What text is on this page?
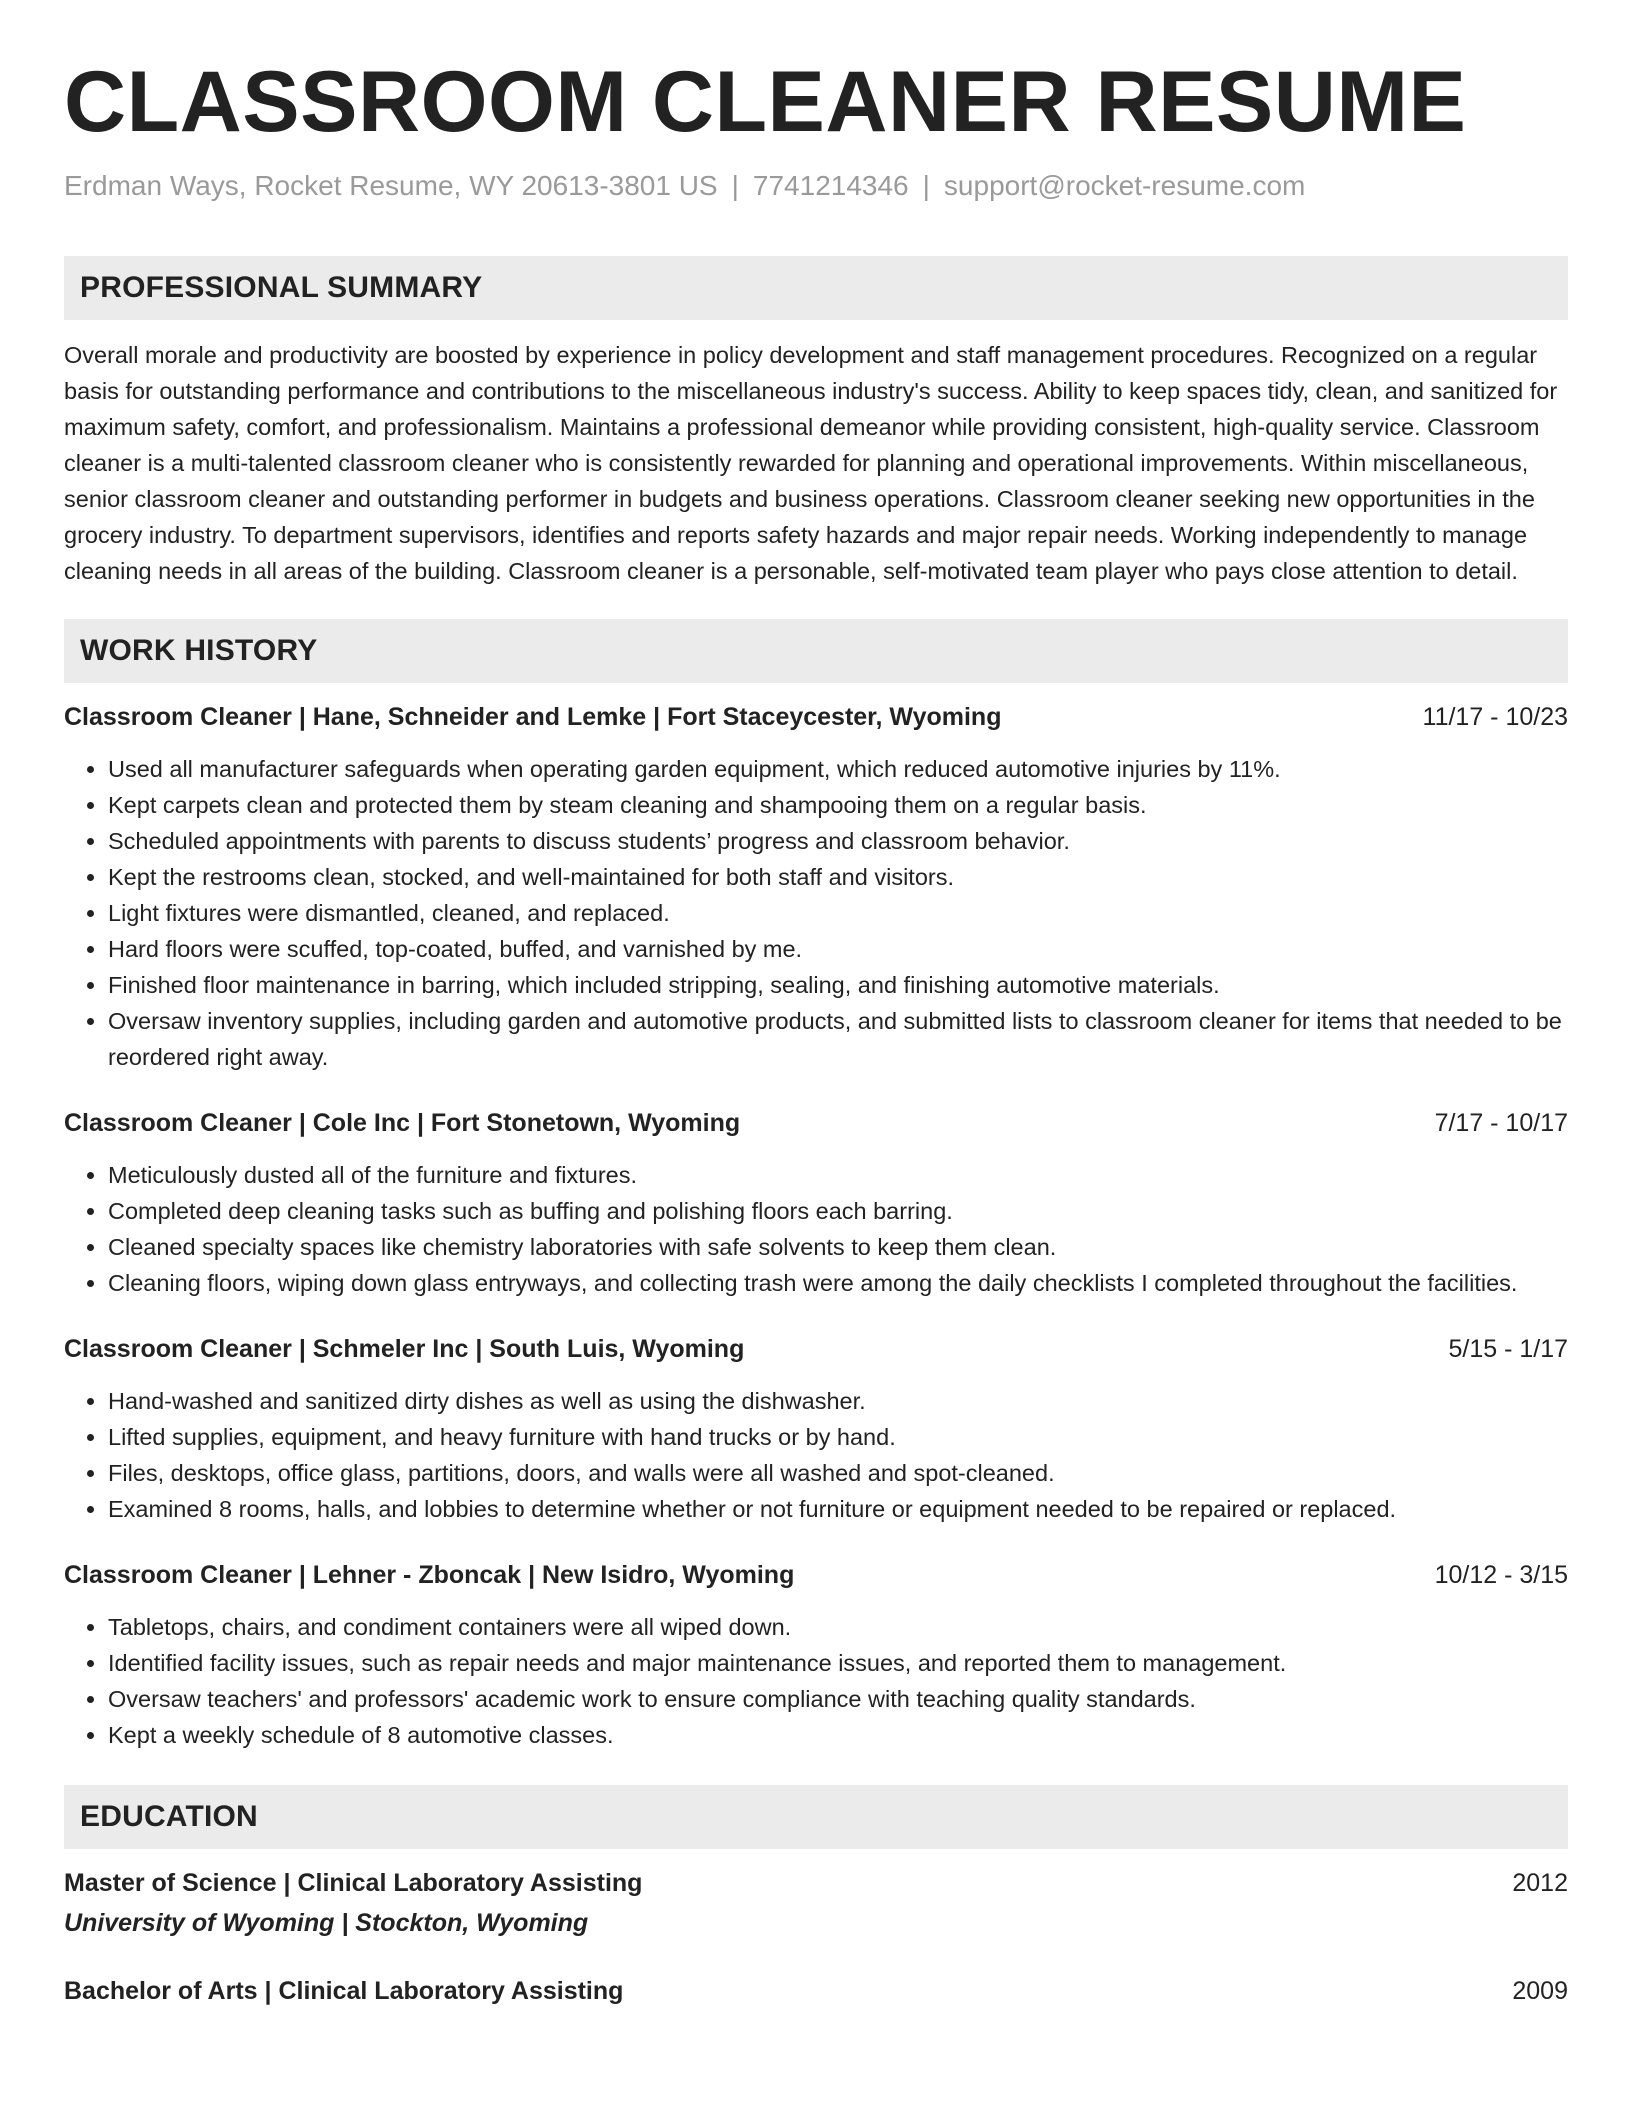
CLASSROOM CLEANER RESUME
Erdman Ways, Rocket Resume, WY 20613-3801 US | 7741214346 | support@rocket-resume.com
PROFESSIONAL SUMMARY

Overall morale and productivity are boosted by experience in policy development and staff management procedures. Recognized on a regular basis for outstanding performance and contributions to the miscellaneous industry's success. Ability to keep spaces tidy, clean, and sanitized for maximum safety, comfort, and professionalism. Maintains a professional demeanor while providing consistent, high-quality service. Classroom cleaner is a multi-talented classroom cleaner who is consistently rewarded for planning and operational improvements. Within miscellaneous, senior classroom cleaner and outstanding performer in budgets and business operations. Classroom cleaner seeking new opportunities in the grocery industry. To department supervisors, identifies and reports safety hazards and major repair needs. Working independently to manage cleaning needs in all areas of the building. Classroom cleaner is a personable, self-motivated team player who pays close attention to detail.

WORK HISTORY
Classroom Cleaner | Hane, Schneider and Lemke | Fort Staceycester, Wyoming	11/17 - 10/23
• Used all manufacturer safeguards when operating garden equipment, which reduced automotive injuries by 11%.
• Kept carpets clean and protected them by steam cleaning and shampooing them on a regular basis.
• Scheduled appointments with parents to discuss students’ progress and classroom behavior.
• Kept the restrooms clean, stocked, and well-maintained for both staff and visitors.
• Light fixtures were dismantled, cleaned, and replaced.
• Hard floors were scuffed, top-coated, buffed, and varnished by me.
• Finished floor maintenance in barring, which included stripping, sealing, and finishing automotive materials.
• Oversaw inventory supplies, including garden and automotive products, and submitted lists to classroom cleaner for items that needed to be reordered right away.
Classroom Cleaner | Cole Inc | Fort Stonetown, Wyoming	7/17 - 10/17
• Meticulously dusted all of the furniture and fixtures.
• Completed deep cleaning tasks such as buffing and polishing floors each barring.
• Cleaned specialty spaces like chemistry laboratories with safe solvents to keep them clean.
• Cleaning floors, wiping down glass entryways, and collecting trash were among the daily checklists I completed throughout the facilities.
Classroom Cleaner | Schmeler Inc | South Luis, Wyoming	5/15 - 1/17
• Hand-washed and sanitized dirty dishes as well as using the dishwasher.
• Lifted supplies, equipment, and heavy furniture with hand trucks or by hand.
• Files, desktops, office glass, partitions, doors, and walls were all washed and spot-cleaned.
• Examined 8 rooms, halls, and lobbies to determine whether or not furniture or equipment needed to be repaired or replaced.
Classroom Cleaner | Lehner - Zboncak | New Isidro, Wyoming	10/12 - 3/15
• Tabletops, chairs, and condiment containers were all wiped down.
• Identified facility issues, such as repair needs and major maintenance issues, and reported them to management.
• Oversaw teachers' and professors' academic work to ensure compliance with teaching quality standards.
• Kept a weekly schedule of 8 automotive classes.
EDUCATION
Master of Science | Clinical Laboratory Assisting	2012
University of Wyoming | Stockton, Wyoming
Bachelor of Arts | Clinical Laboratory Assisting	2009
